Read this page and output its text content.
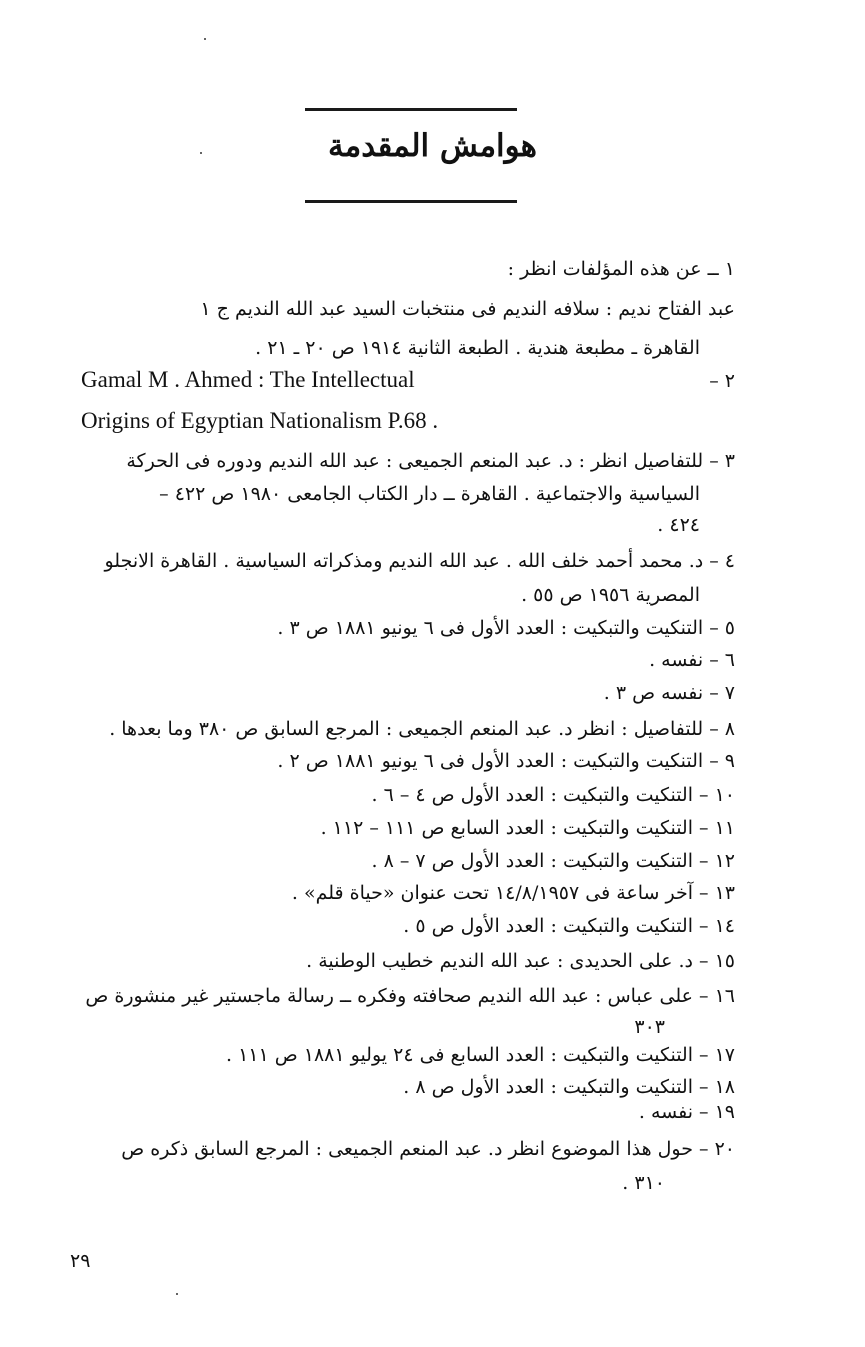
هوامش المقدمة
١ ــ عن هذه المؤلفات انظر :
عبد الفتاح نديم : سلافه النديم فى منتخبات السيد عبد الله النديم ج ١
القاهرة ـ مطبعة هندية . الطبعة الثانية ١٩١٤ ص ٢٠ ـ ٢١ .
٢ –
Gamal M . Ahmed : The Intellectual
Origins of Egyptian Nationalism P.68 .
٣ – للتفاصيل انظر : د. عبد المنعم الجميعى : عبد الله النديم ودوره فى الحركة
السياسية والاجتماعية . القاهرة ــ دار الكتاب الجامعى ١٩٨٠ ص ٤٢٢ –
٤٢٤ .
٤ – د. محمد أحمد خلف الله . عبد الله النديم ومذكراته السياسية . القاهرة الانجلو
المصرية ١٩٥٦ ص ٥٥ .
٥ – التنكيت والتبكيت : العدد الأول فى ٦ يونيو ١٨٨١ ص ٣ .
٦ – نفسه .
٧ – نفسه ص ٣ .
٨ – للتفاصيل : انظر د. عبد المنعم الجميعى : المرجع السابق ص ٣٨٠ وما بعدها .
٩ – التنكيت والتبكيت : العدد الأول فى ٦ يونيو ١٨٨١ ص ٢ .
١٠ – التنكيت والتبكيت : العدد الأول ص ٤ – ٦ .
١١ – التنكيت والتبكيت : العدد السابع ص ١١١ – ١١٢ .
١٢ – التنكيت والتبكيت : العدد الأول ص ٧ – ٨ .
١٣ – آخر ساعة فى ١٤/٨/١٩٥٧ تحت عنوان «حياة قلم» .
١٤ – التنكيت والتبكيت : العدد الأول ص ٥ .
١٥ – د. على الحديدى : عبد الله النديم خطيب الوطنية .
١٦ – على عباس : عبد الله النديم صحافته وفكره ــ رسالة ماجستير غير منشورة ص
٣٠٣
١٧ – التنكيت والتبكيت : العدد السابع فى ٢٤ يوليو ١٨٨١ ص ١١١ .
١٨ – التنكيت والتبكيت : العدد الأول ص ٨ .
١٩ – نفسه .
٢٠ – حول هذا الموضوع انظر د. عبد المنعم الجميعى : المرجع السابق ذكره ص
٣١٠ .
٢٩
